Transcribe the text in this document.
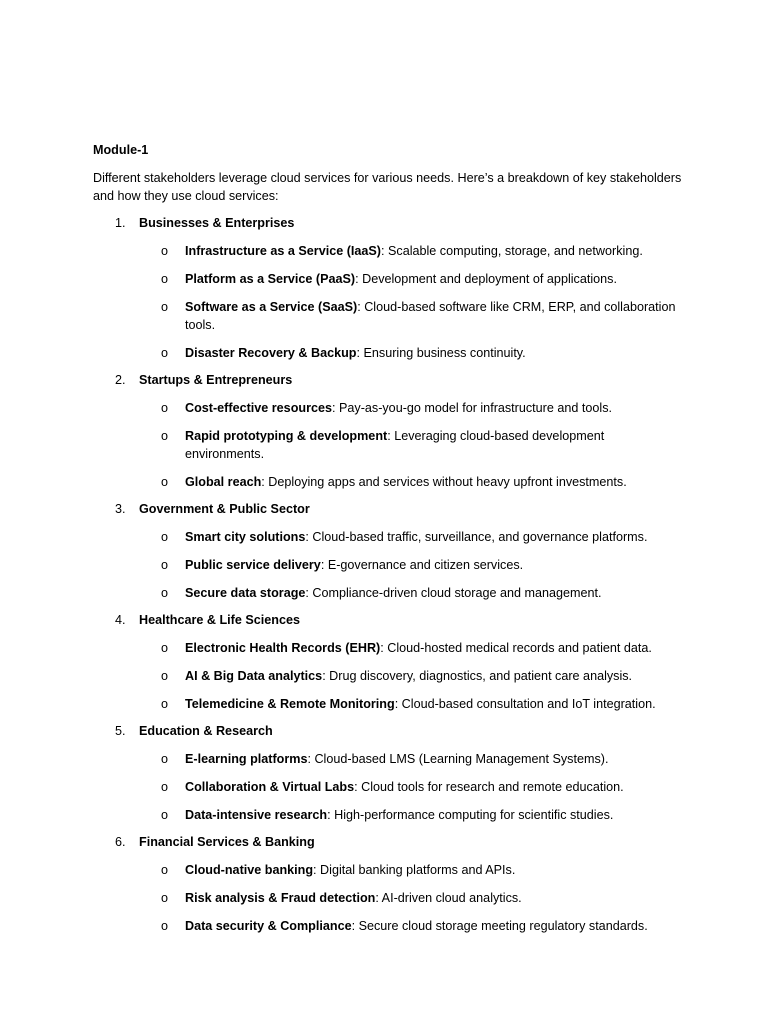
Module-1
Different stakeholders leverage cloud services for various needs. Here’s a breakdown of key stakeholders and how they use cloud services:
1. Businesses & Enterprises
o Infrastructure as a Service (IaaS): Scalable computing, storage, and networking.
o Platform as a Service (PaaS): Development and deployment of applications.
o Software as a Service (SaaS): Cloud-based software like CRM, ERP, and collaboration tools.
o Disaster Recovery & Backup: Ensuring business continuity.
2. Startups & Entrepreneurs
o Cost-effective resources: Pay-as-you-go model for infrastructure and tools.
o Rapid prototyping & development: Leveraging cloud-based development environments.
o Global reach: Deploying apps and services without heavy upfront investments.
3. Government & Public Sector
o Smart city solutions: Cloud-based traffic, surveillance, and governance platforms.
o Public service delivery: E-governance and citizen services.
o Secure data storage: Compliance-driven cloud storage and management.
4. Healthcare & Life Sciences
o Electronic Health Records (EHR): Cloud-hosted medical records and patient data.
o AI & Big Data analytics: Drug discovery, diagnostics, and patient care analysis.
o Telemedicine & Remote Monitoring: Cloud-based consultation and IoT integration.
5. Education & Research
o E-learning platforms: Cloud-based LMS (Learning Management Systems).
o Collaboration & Virtual Labs: Cloud tools for research and remote education.
o Data-intensive research: High-performance computing for scientific studies.
6. Financial Services & Banking
o Cloud-native banking: Digital banking platforms and APIs.
o Risk analysis & Fraud detection: AI-driven cloud analytics.
o Data security & Compliance: Secure cloud storage meeting regulatory standards.
